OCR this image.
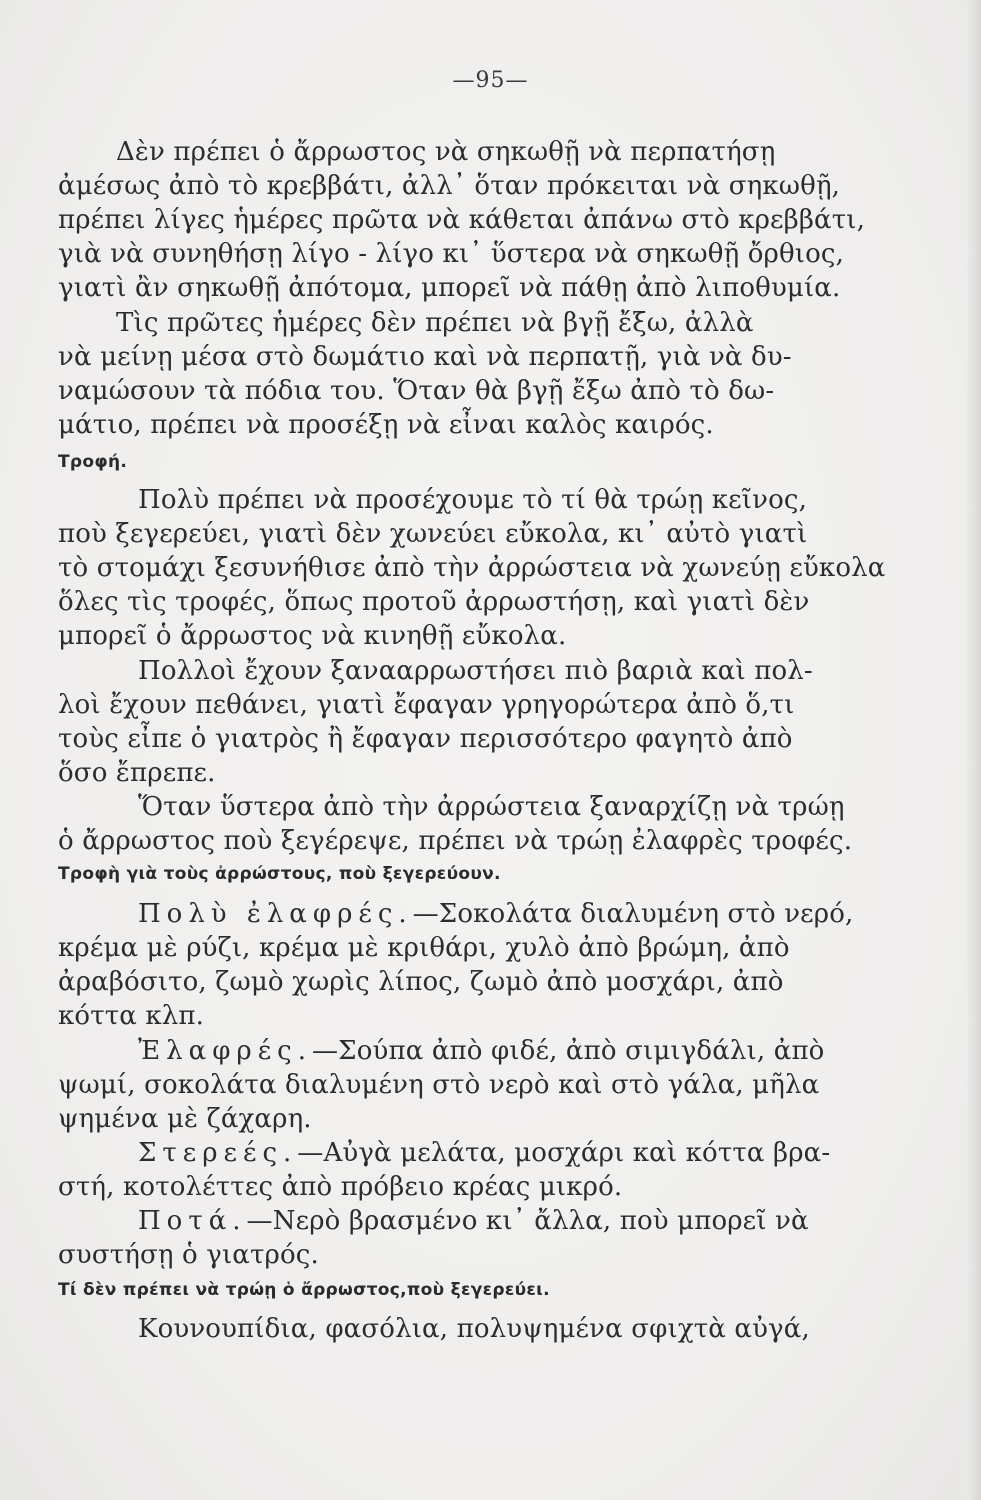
—95—
Δὲν πρέπει ὁ ἄρρωστος νὰ σηκωθῇ νὰ περπατήσῃ
ἀμέσως ἀπὸ τὸ κρεββάτι, ἀλλ᾽ ὅταν πρόκειται νὰ σηκωθῇ,
πρέπει λίγες ἡμέρες πρῶτα νὰ κάθεται ἀπάνω στὸ κρεββάτι,
γιὰ νὰ συνηθήσῃ λίγο - λίγο κι᾽ ὕστερα νὰ σηκωθῇ ὄρθιος,
γιατὶ ἂν σηκωθῇ ἀπότομα, μπορεῖ νὰ πάθῃ ἀπὸ λιποθυμία.
Τὶς πρῶτες ἡμέρες δὲν πρέπει νὰ βγῇ ἔξω, ἀλλὰ
νὰ μείνῃ μέσα στὸ δωμάτιο καὶ νὰ περπατῇ, γιὰ νὰ δυ-
ναμώσουν τὰ πόδια του. Ὅταν θὰ βγῇ ἔξω ἀπὸ τὸ δω-
μάτιο, πρέπει νὰ προσέξῃ νὰ εἶναι καλὸς καιρός.
Τροφή.
Πολὺ πρέπει νὰ προσέχουμε τὸ τί θὰ τρώῃ κεῖνος,
ποὺ ξεγερεύει, γιατὶ δὲν χωνεύει εὔκολα, κι᾽ αὐτὸ γιατὶ
τὸ στομάχι ξεσυνήθισε ἀπὸ τὴν ἀρρώστεια νὰ χωνεύῃ εὔκολα
ὅλες τὶς τροφές, ὅπως προτοῦ ἀρρωστήσῃ, καὶ γιατὶ δὲν
μπορεῖ ὁ ἄρρωστος νὰ κινηθῇ εὔκολα.
Πολλοὶ ἔχουν ξανααρρωστήσει πιὸ βαριὰ καὶ πολ-
λοὶ ἔχουν πεθάνει, γιατὶ ἔφαγαν γρηγορώτερα ἀπὸ ὅ,τι
τοὺς εἶπε ὁ γιατρὸς ἢ ἔφαγαν περισσότερο φαγητὸ ἀπὸ
ὅσο ἔπρεπε.
Ὅταν ὕστερα ἀπὸ τὴν ἀρρώστεια ξαναρχίζῃ νὰ τρώῃ
ὁ ἄρρωστος ποὺ ξεγέρεψε, πρέπει νὰ τρώῃ ἐλαφρὲς τροφές.
Τροφὴ γιὰ τοὺς ἀρρώστους, ποὺ ξεγερεύουν.
Πολὺ ἐλαφρές.—Σοκολάτα διαλυμένη στὸ νερό,
κρέμα μὲ ρύζι, κρέμα μὲ κριθάρι, χυλὸ ἀπὸ βρώμη, ἀπὸ
ἀραβόσιτο, ζωμὸ χωρὶς λίπος, ζωμὸ ἀπὸ μοσχάρι, ἀπὸ
κόττα κλπ.
Ἐλαφρές.—Σούπα ἀπὸ φιδέ, ἀπὸ σιμιγδάλι, ἀπὸ
ψωμί, σοκολάτα διαλυμένη στὸ νερὸ καὶ στὸ γάλα, μῆλα
ψημένα μὲ ζάχαρη.
Στερεές.—Αὐγὰ μελάτα, μοσχάρι καὶ κόττα βρα-
στή, κοτολέττες ἀπὸ πρόβειο κρέας μικρό.
Ποτά.—Νερὸ βρασμένο κι᾽ ἄλλα, ποὺ μπορεῖ νὰ
συστήσῃ ὁ γιατρός.
Τί δὲν πρέπει νὰ τρώῃ ὁ ἄρρωστος,ποὺ ξεγερεύει.
Κουνουπίδια, φασόλια, πολυψημένα σφιχτὰ αὐγά,
